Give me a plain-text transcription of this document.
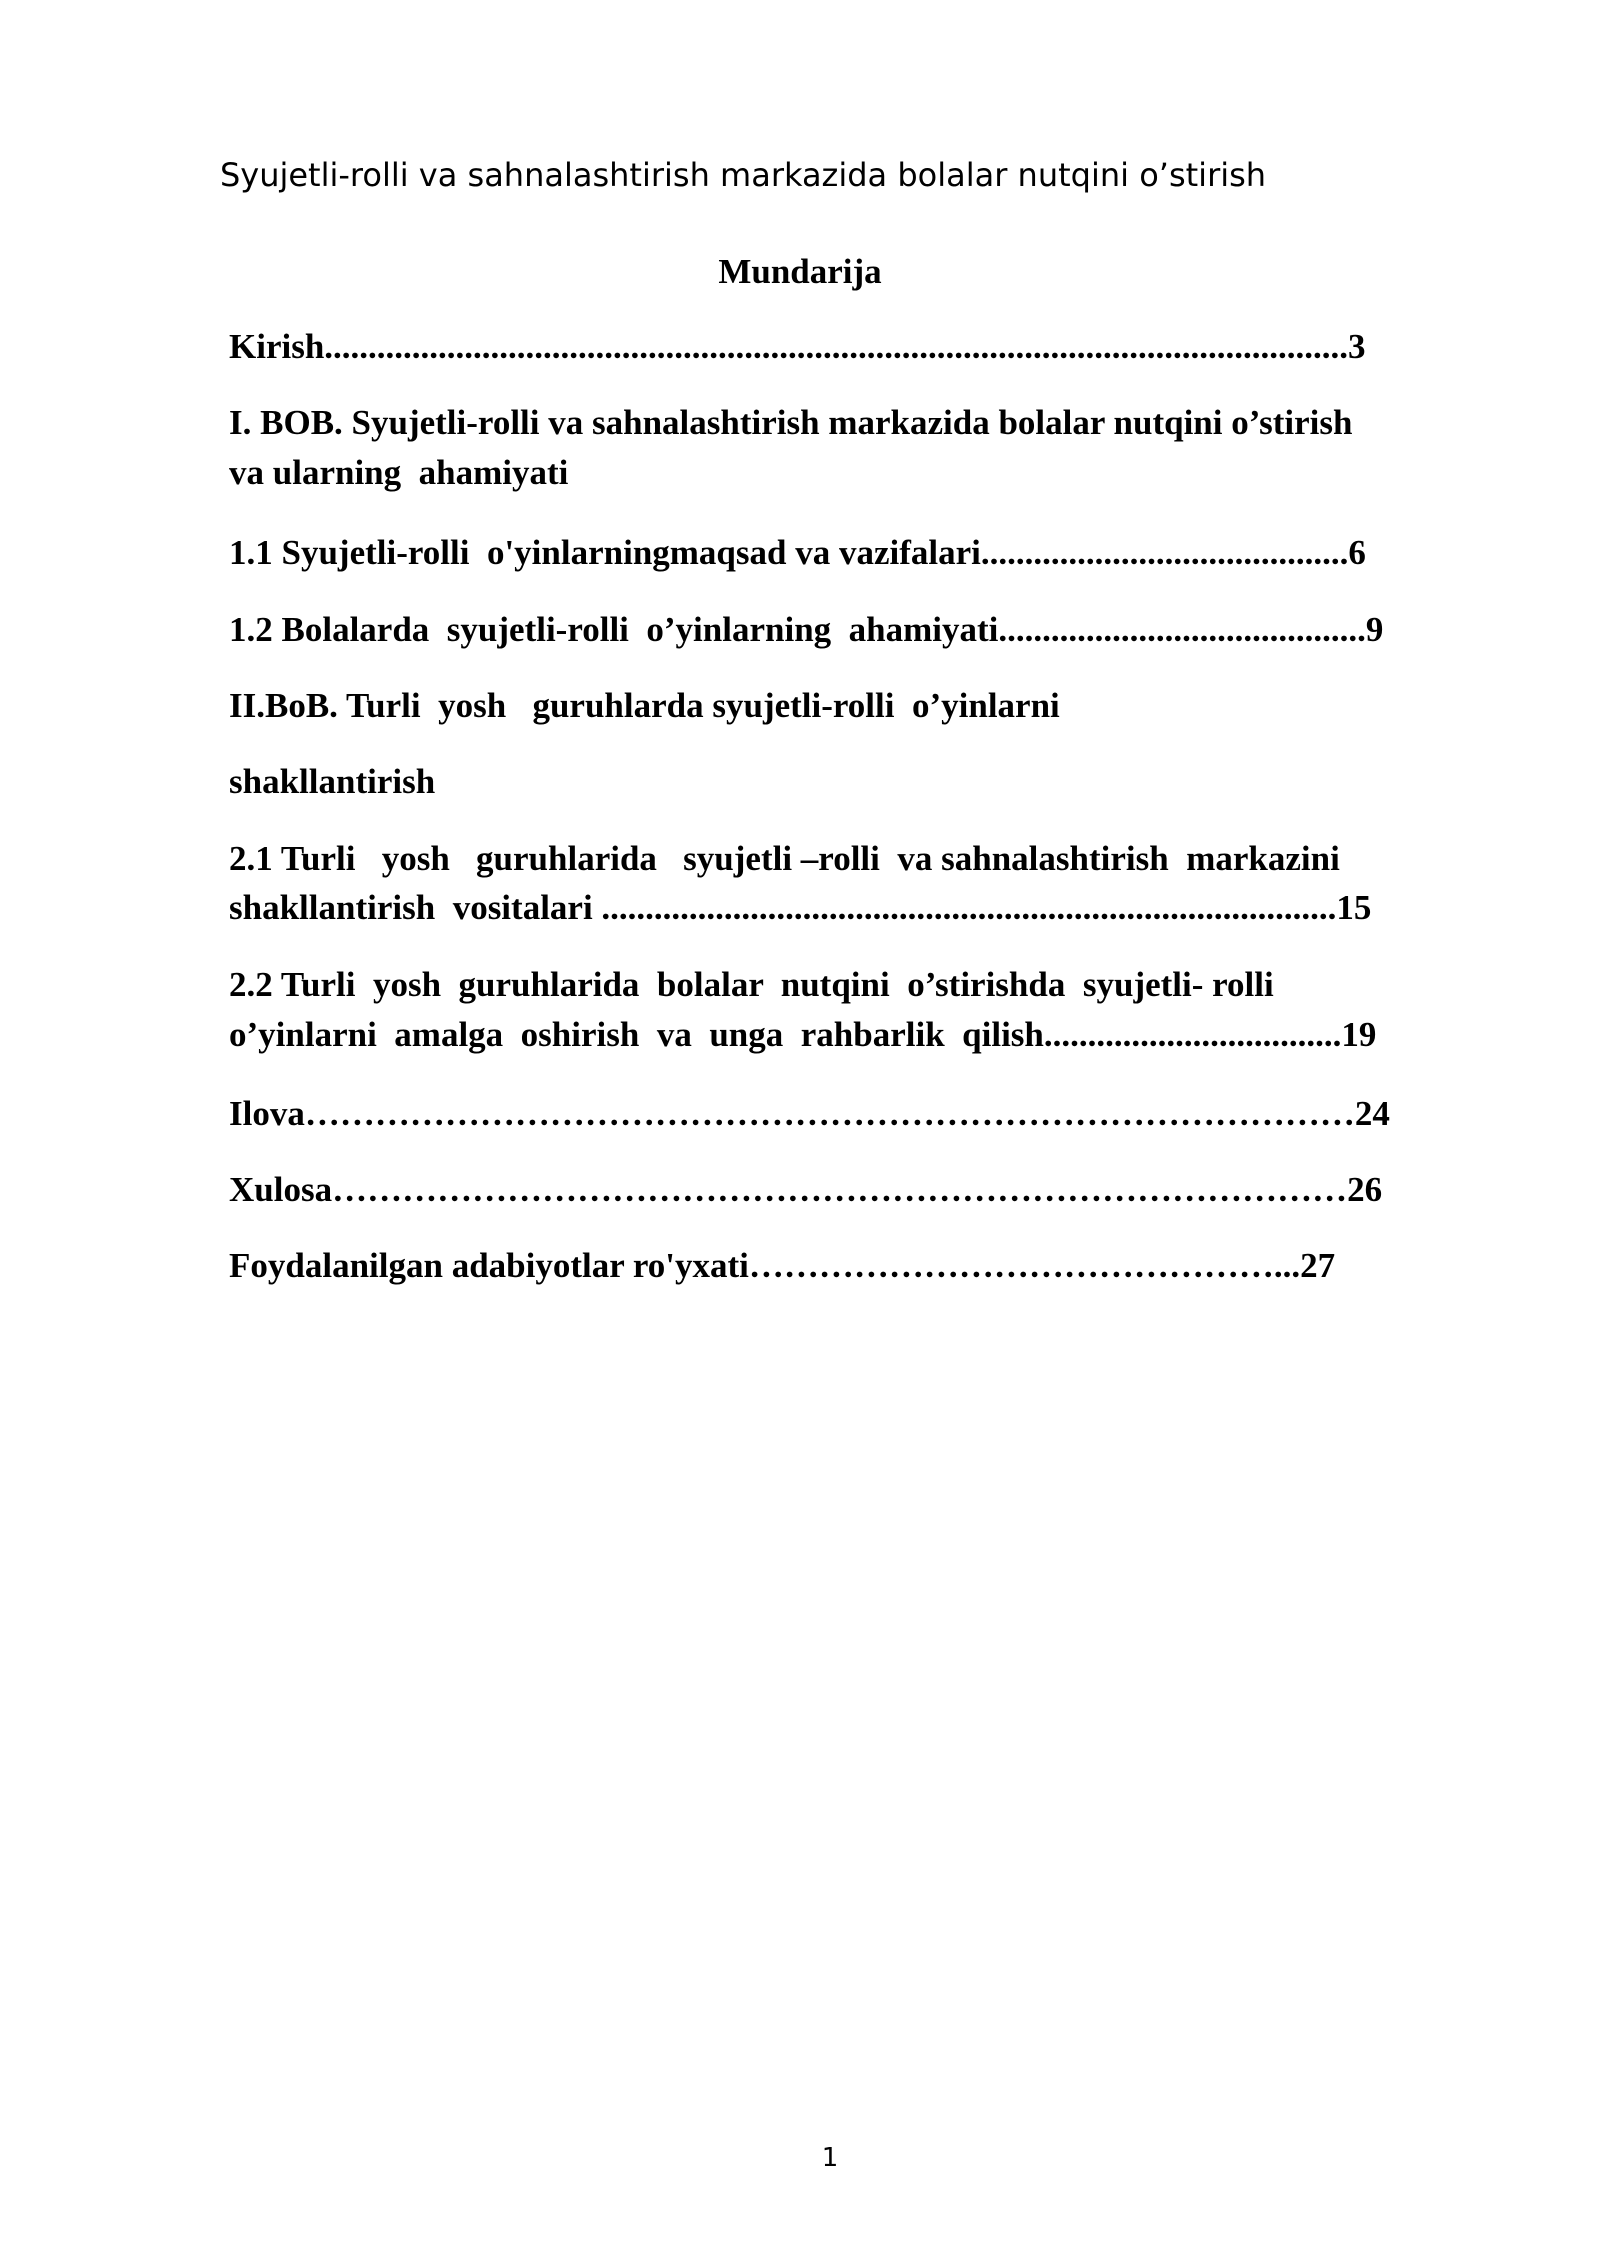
Syujetli-rolli va sahnalashtirish markazida bolalar nutqini o’stirish
Mundarija
Kirish.....................................................................................................................3
I. BOB. Syujetli-rolli va sahnalashtirish markazida bolalar nutqini o’stirish
va ularning  ahamiyati
1.1 Syujetli-rolli  o'yinlarningmaqsad va vazifalari..........................................6
1.2 Bolalarda  syujetli-rolli  o’yinlarning  ahamiyati..........................................9
II.BoB. Turli  yosh   guruhlarda syujetli-rolli  o’yinlarni
shakllantirish
2.1 Turli   yosh   guruhlarida   syujetli –rolli  va sahnalashtirish  markazini
shakllantirish  vositalari ....................................................................................15
2.2 Turli  yosh  guruhlarida  bolalar  nutqini  o’stirishda  syujetli- rolli
o’yinlarni  amalga  oshirish  va  unga  rahbarlik  qilish..................................19
Ilova………………………………………………………………………………24
Xulosa……………………………………………………………………………26
Foydalanilgan adabiyotlar ro'yxati………………………………………...27
1
